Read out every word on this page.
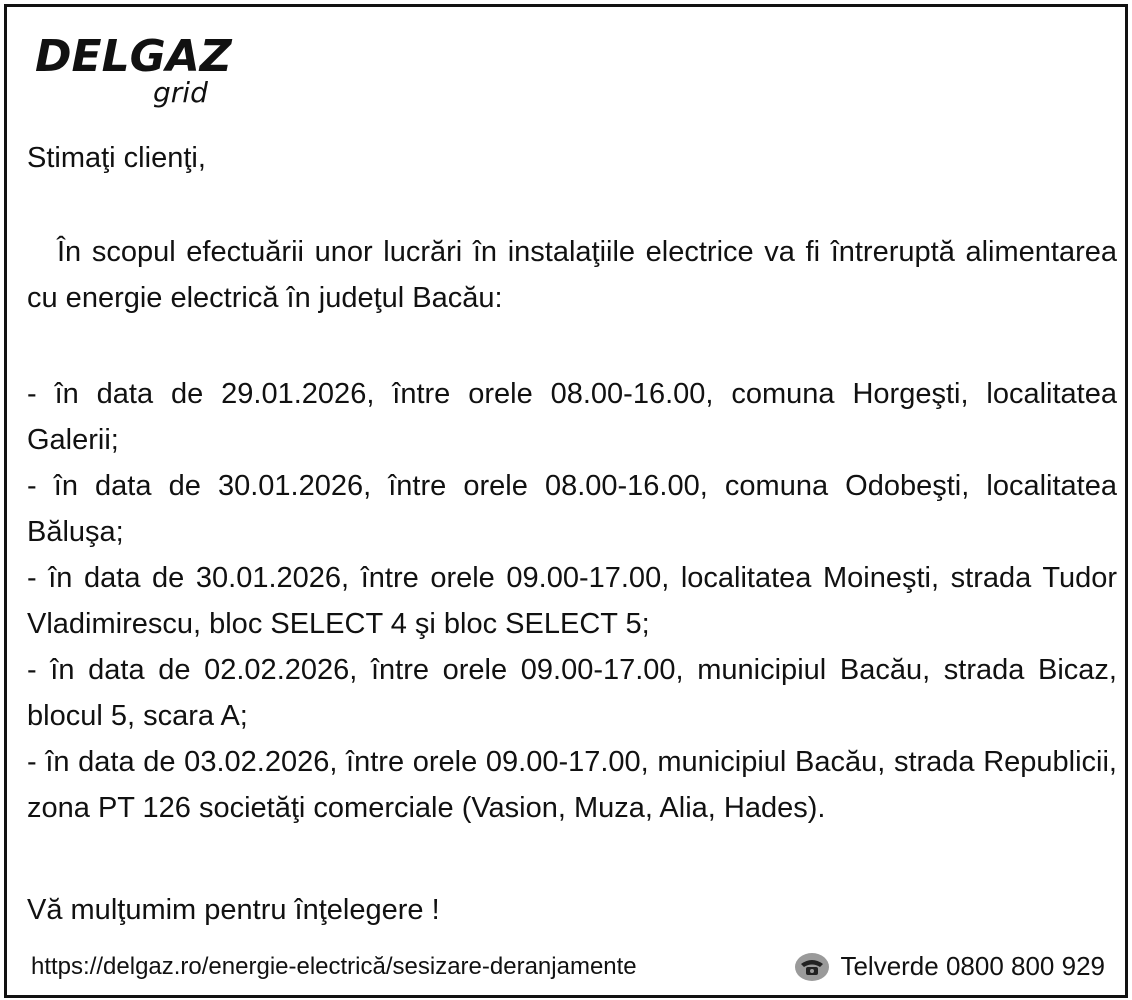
DELGAZ
grid
Stimaţi clienţi,
În scopul efectuării unor lucrări în instalaţiile electrice va fi întreruptă alimentarea cu energie electrică în judeţul Bacău:

- în data de 29.01.2026, între orele 08.00-16.00, comuna Horgeşti, localitatea Galerii;

- în data de 30.01.2026, între orele 08.00-16.00, comuna Odobeşti, localitatea Băluşa;

- în data de 30.01.2026, între orele 09.00-17.00, localitatea Moineşti, strada Tudor Vladimirescu, bloc SELECT 4 şi bloc SELECT 5;

- în data de 02.02.2026, între orele 09.00-17.00, municipiul Bacău, strada Bicaz, blocul 5, scara A;

- în data de 03.02.2026, între orele 09.00-17.00, municipiul Bacău, strada Republicii, zona PT 126 societăţi comerciale (Vasion, Muza, Alia, Hades).

Vă mulţumim pentru înţelegere !
https://delgaz.ro/energie-electrică/sesizare-deranjamente	Telverde 0800 800 929
